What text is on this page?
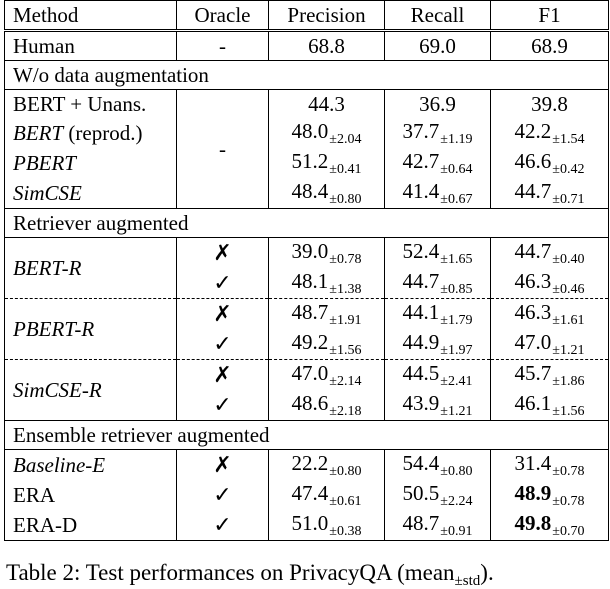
Method	Oracle	Precision	Recall	F1
Human	-	68.8	69.0	68.9
W/o data augmentation				
BERT + Unans.	-	44.3	36.9	39.8
BERT (reprod.)		$48.0_{\pm 2.04}$	$37.7_{\pm 1.19}$	$42.2_{\pm 1.54}$
PBERT		$51.2_{\pm 0.41}$	$42.7_{\pm 0.64}$	$46.6_{\pm 0.42}$
SimCSE		$48.4_{\pm 0.80}$	$41.4_{\pm 0.67}$	$44.7_{\pm 0.71}$
Retriever augmented				
BERT-R	✗	$39.0_{\pm 0.78}$	$52.4_{\pm 1.65}$	$44.7_{\pm 0.40}$
	✓	$48.1_{\pm 1.38}$	$44.7_{\pm 0.85}$	$46.3_{\pm 0.46}$
PBERT-R	✗	$48.7_{\pm 1.91}$	$44.1_{\pm 1.79}$	$46.3_{\pm 1.61}$
	✓	$49.2_{\pm 1.56}$	$44.9_{\pm 1.97}$	$47.0_{\pm 1.21}$
SimCSE-R	✗	$47.0_{\pm 2.14}$	$44.5_{\pm 2.41}$	$45.7_{\pm 1.86}$
	✓	$48.6_{\pm 2.18}$	$43.9_{\pm 1.21}$	$46.1_{\pm 1.56}$
Ensemble retriever augmented				
Baseline-E	✗	$22.2_{\pm 0.80}$	$54.4_{\pm 0.80}$	$31.4_{\pm 0.78}$
ERA	✓	$47.4_{\pm 0.61}$	$50.5_{\pm 2.24}$	$48.9_{\pm 0.78}$
ERA-D	✓	$51.0_{\pm 0.38}$	$48.7_{\pm 0.91}$	$49.8_{\pm 0.70}$
Table 2: Test performances on PrivacyQA (mean$_{\pm std}$).
